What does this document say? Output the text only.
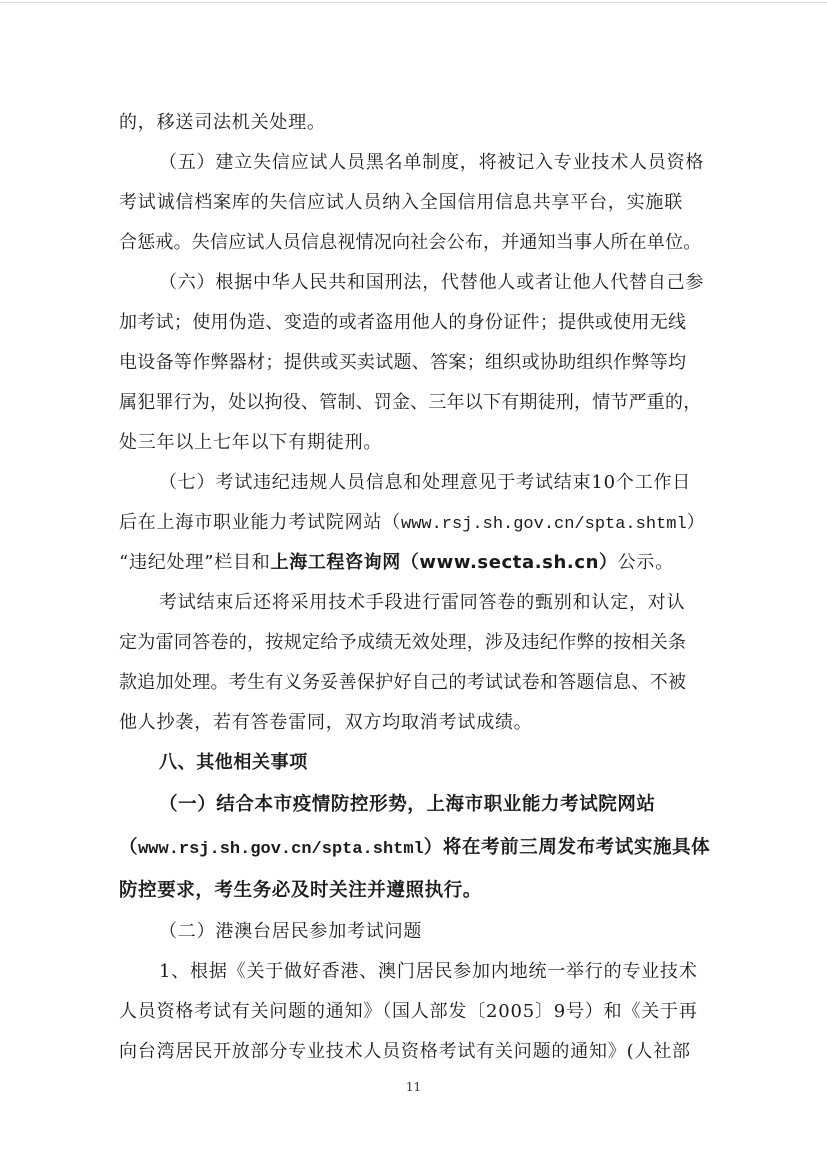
的，移送司法机关处理。
（五）建立失信应试人员黑名单制度，将被记入专业技术人员资格
考试诚信档案库的失信应试人员纳入全国信用信息共享平台，实施联
合惩戒。失信应试人员信息视情况向社会公布，并通知当事人所在单位。
（六）根据中华人民共和国刑法，代替他人或者让他人代替自己参
加考试；使用伪造、变造的或者盗用他人的身份证件；提供或使用无线
电设备等作弊器材；提供或买卖试题、答案；组织或协助组织作弊等均
属犯罪行为，处以拘役、管制、罚金、三年以下有期徒刑，情节严重的，
处三年以上七年以下有期徒刑。
（七）考试违纪违规人员信息和处理意见于考试结束10个工作日
后在上海市职业能力考试院网站（www.rsj.sh.gov.cn/spta.shtml）
“违纪处理”栏目和上海工程咨询网（www.secta.sh.cn）公示。
考试结束后还将采用技术手段进行雷同答卷的甄别和认定，对认
定为雷同答卷的，按规定给予成绩无效处理，涉及违纪作弊的按相关条
款追加处理。考生有义务妥善保护好自己的考试试卷和答题信息、不被
他人抄袭，若有答卷雷同，双方均取消考试成绩。
八、其他相关事项
（一）结合本市疫情防控形势，上海市职业能力考试院网站
（www.rsj.sh.gov.cn/spta.shtml）将在考前三周发布考试实施具体
防控要求，考生务必及时关注并遵照执行。
（二）港澳台居民参加考试问题
1、根据《关于做好香港、澳门居民参加内地统一举行的专业技术
人员资格考试有关问题的通知》（国人部发〔2005〕9号）和《关于再
向台湾居民开放部分专业技术人员资格考试有关问题的通知》(人社部
11
